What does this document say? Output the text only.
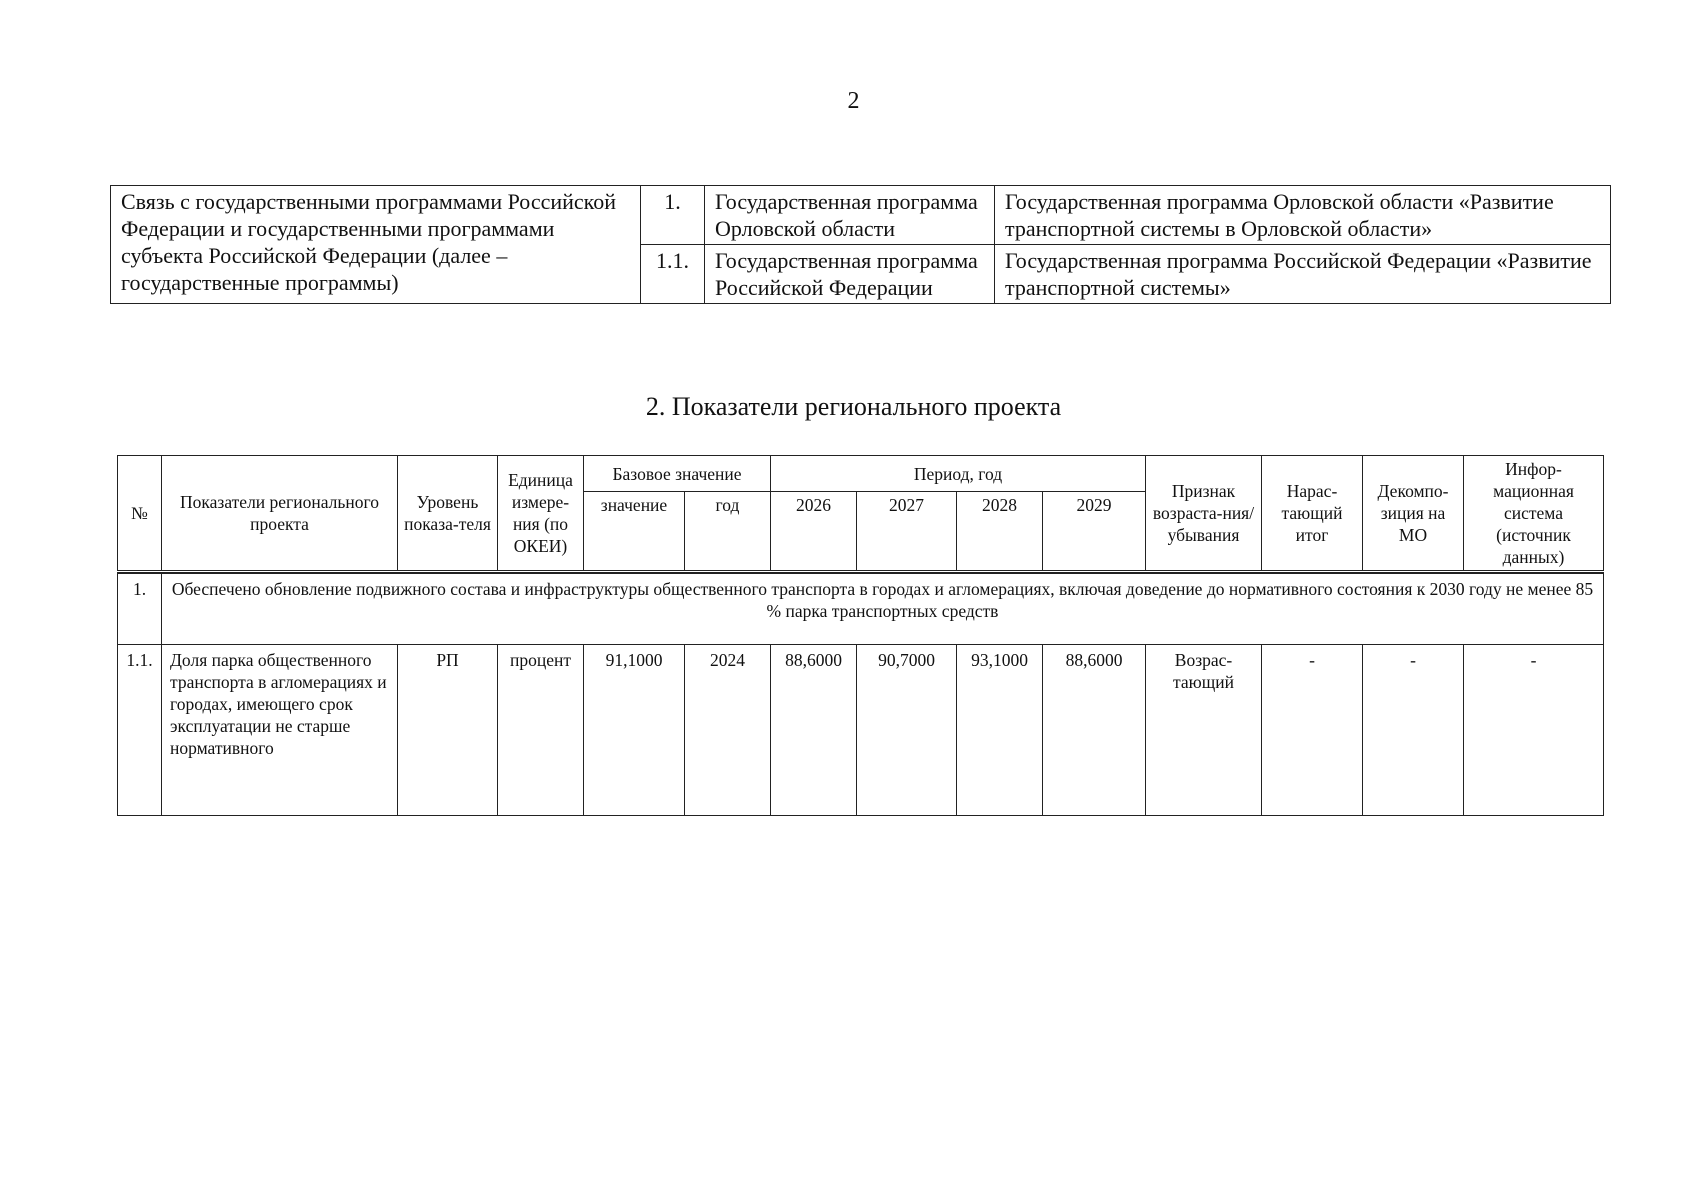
2
Связь с государственными программами Российской Федерации и государственными программами субъекта Российской Федерации (далее – государственные программы)	1.	Государственная программа Орловской области	Государственная программа Орловской области «Развитие транспортной системы в Орловской области»
	1.1.	Государственная программа Российской Федерации	Государственная программа Российской Федерации «Развитие транспортной системы»
2. Показатели регионального проекта
№	Показатели регионального проекта	Уровень показа-теля	Единица измере-ния (по ОКЕИ)	Базовое значение		Период, год				Признак возраста-ния/ убывания	Нарас-тающий итог	Декомпо-зиция на МО	Инфор-мационная система (источник данных)
				значение	год	2026	2027	2028	2029				

1.	Обеспечено обновление подвижного состава и инфраструктуры общественного транспорта в городах и агломерациях, включая доведение до нормативного состояния к 2030 году не менее 85 % парка транспортных средств												
1.1.	Доля парка общественного транспорта в агломерациях и городах, имеющего срок эксплуатации не старше нормативного	РП	процент	91,1000	2024	88,6000	90,7000	93,1000	88,6000	Возрас-тающий	-	-	-
